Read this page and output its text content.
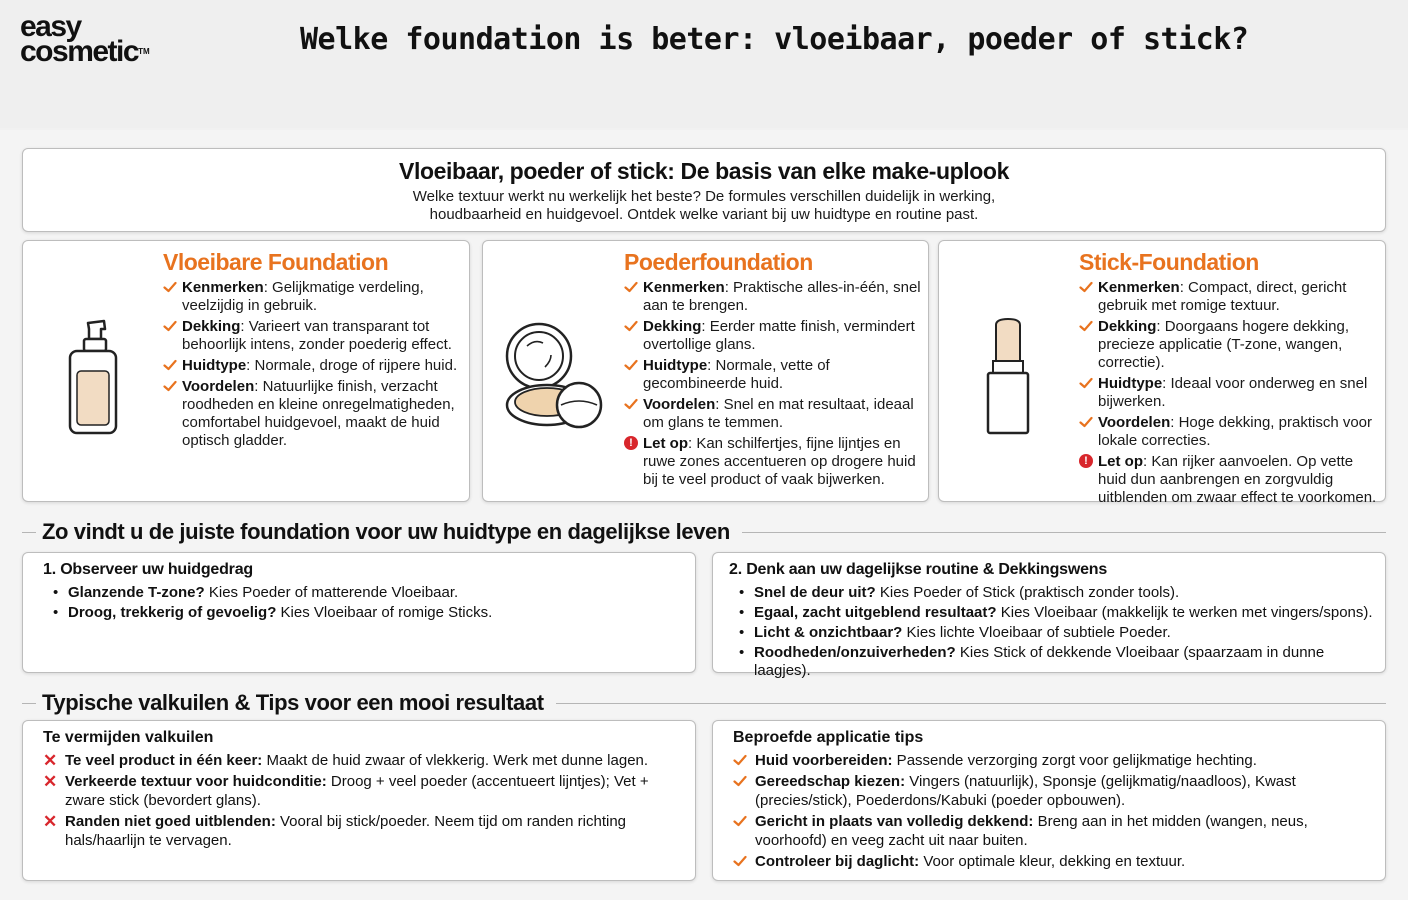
easy
cosmetic™	Welke foundation is beter: vloeibaar, poeder of stick?
Vloeibaar, poeder of stick: De basis van elke make-uplook

Welke textuur werkt nu werkelijk het beste? De formules verschillen duidelijk in werking,
houdbaarheid en huidgevoel. Ontdek welke variant bij uw huidtype en routine past.

Vloeibare Foundation
Kenmerken: Gelijkmatige verdeling, veelzijdig in gebruik.
Dekking: Varieert van transparant tot behoorlijk intens, zonder poederig effect.
Huidtype: Normale, droge of rijpere huid.
Voordelen: Natuurlijke finish, verzacht roodheden en kleine onregelmatigheden, comfortabel huidgevoel, maakt de huid optisch gladder.
Poederfoundation
Kenmerken: Praktische alles-in-één, snel aan te brengen.
Dekking: Eerder matte finish, vermindert overtollige glans.
Huidtype: Normale, vette of gecombineerde huid.
Voordelen: Snel en mat resultaat, ideaal om glans te temmen.
! Let op: Kan schilfertjes, fijne lijntjes en ruwe zones accentueren op drogere huid bij te veel product of vaak bijwerken.
Stick-Foundation
Kenmerken: Compact, direct, gericht gebruik met romige textuur.
Dekking: Doorgaans hogere dekking, precieze applicatie (T-zone, wangen, correctie).
Huidtype: Ideaal voor onderweg en snel bijwerken.
Voordelen: Hoge dekking, praktisch voor lokale correcties.
! Let op: Kan rijker aanvoelen. Op vette huid dun aanbrengen en zorgvuldig uitblenden om zwaar effect te voorkomen.
Zo vindt u de juiste foundation voor uw huidtype en dagelijkse leven
1. Observeer uw huidgedrag
• Glanzende T-zone? Kies Poeder of matterende Vloeibaar.
• Droog, trekkerig of gevoelig? Kies Vloeibaar of romige Sticks.
2. Denk aan uw dagelijkse routine & Dekkingswens
• Snel de deur uit? Kies Poeder of Stick (praktisch zonder tools).
• Egaal, zacht uitgeblend resultaat? Kies Vloeibaar (makkelijk te werken met vingers/spons).
• Licht & onzichtbaar? Kies lichte Vloeibaar of subtiele Poeder.
• Roodheden/onzuiverheden? Kies Stick of dekkende Vloeibaar (spaarzaam in dunne laagjes).
Typische valkuilen & Tips voor een mooi resultaat
Te vermijden valkuilen
✕ Te veel product in één keer: Maakt de huid zwaar of vlekkerig. Werk met dunne lagen.
✕ Verkeerde textuur voor huidconditie: Droog + veel poeder (accentueert lijntjes); Vet + zware stick (bevordert glans).
✕ Randen niet goed uitblenden: Vooral bij stick/poeder. Neem tijd om randen richting hals/haarlijn te vervagen.
Beproefde applicatie tips
Huid voorbereiden: Passende verzorging zorgt voor gelijkmatige hechting.
Gereedschap kiezen: Vingers (natuurlijk), Sponsje (gelijkmatig/naadloos), Kwast (precies/stick), Poederdons/Kabuki (poeder opbouwen).
Gericht in plaats van volledig dekkend: Breng aan in het midden (wangen, neus, voorhoofd) en veeg zacht uit naar buiten.
Controleer bij daglicht: Voor optimale kleur, dekking en textuur.
